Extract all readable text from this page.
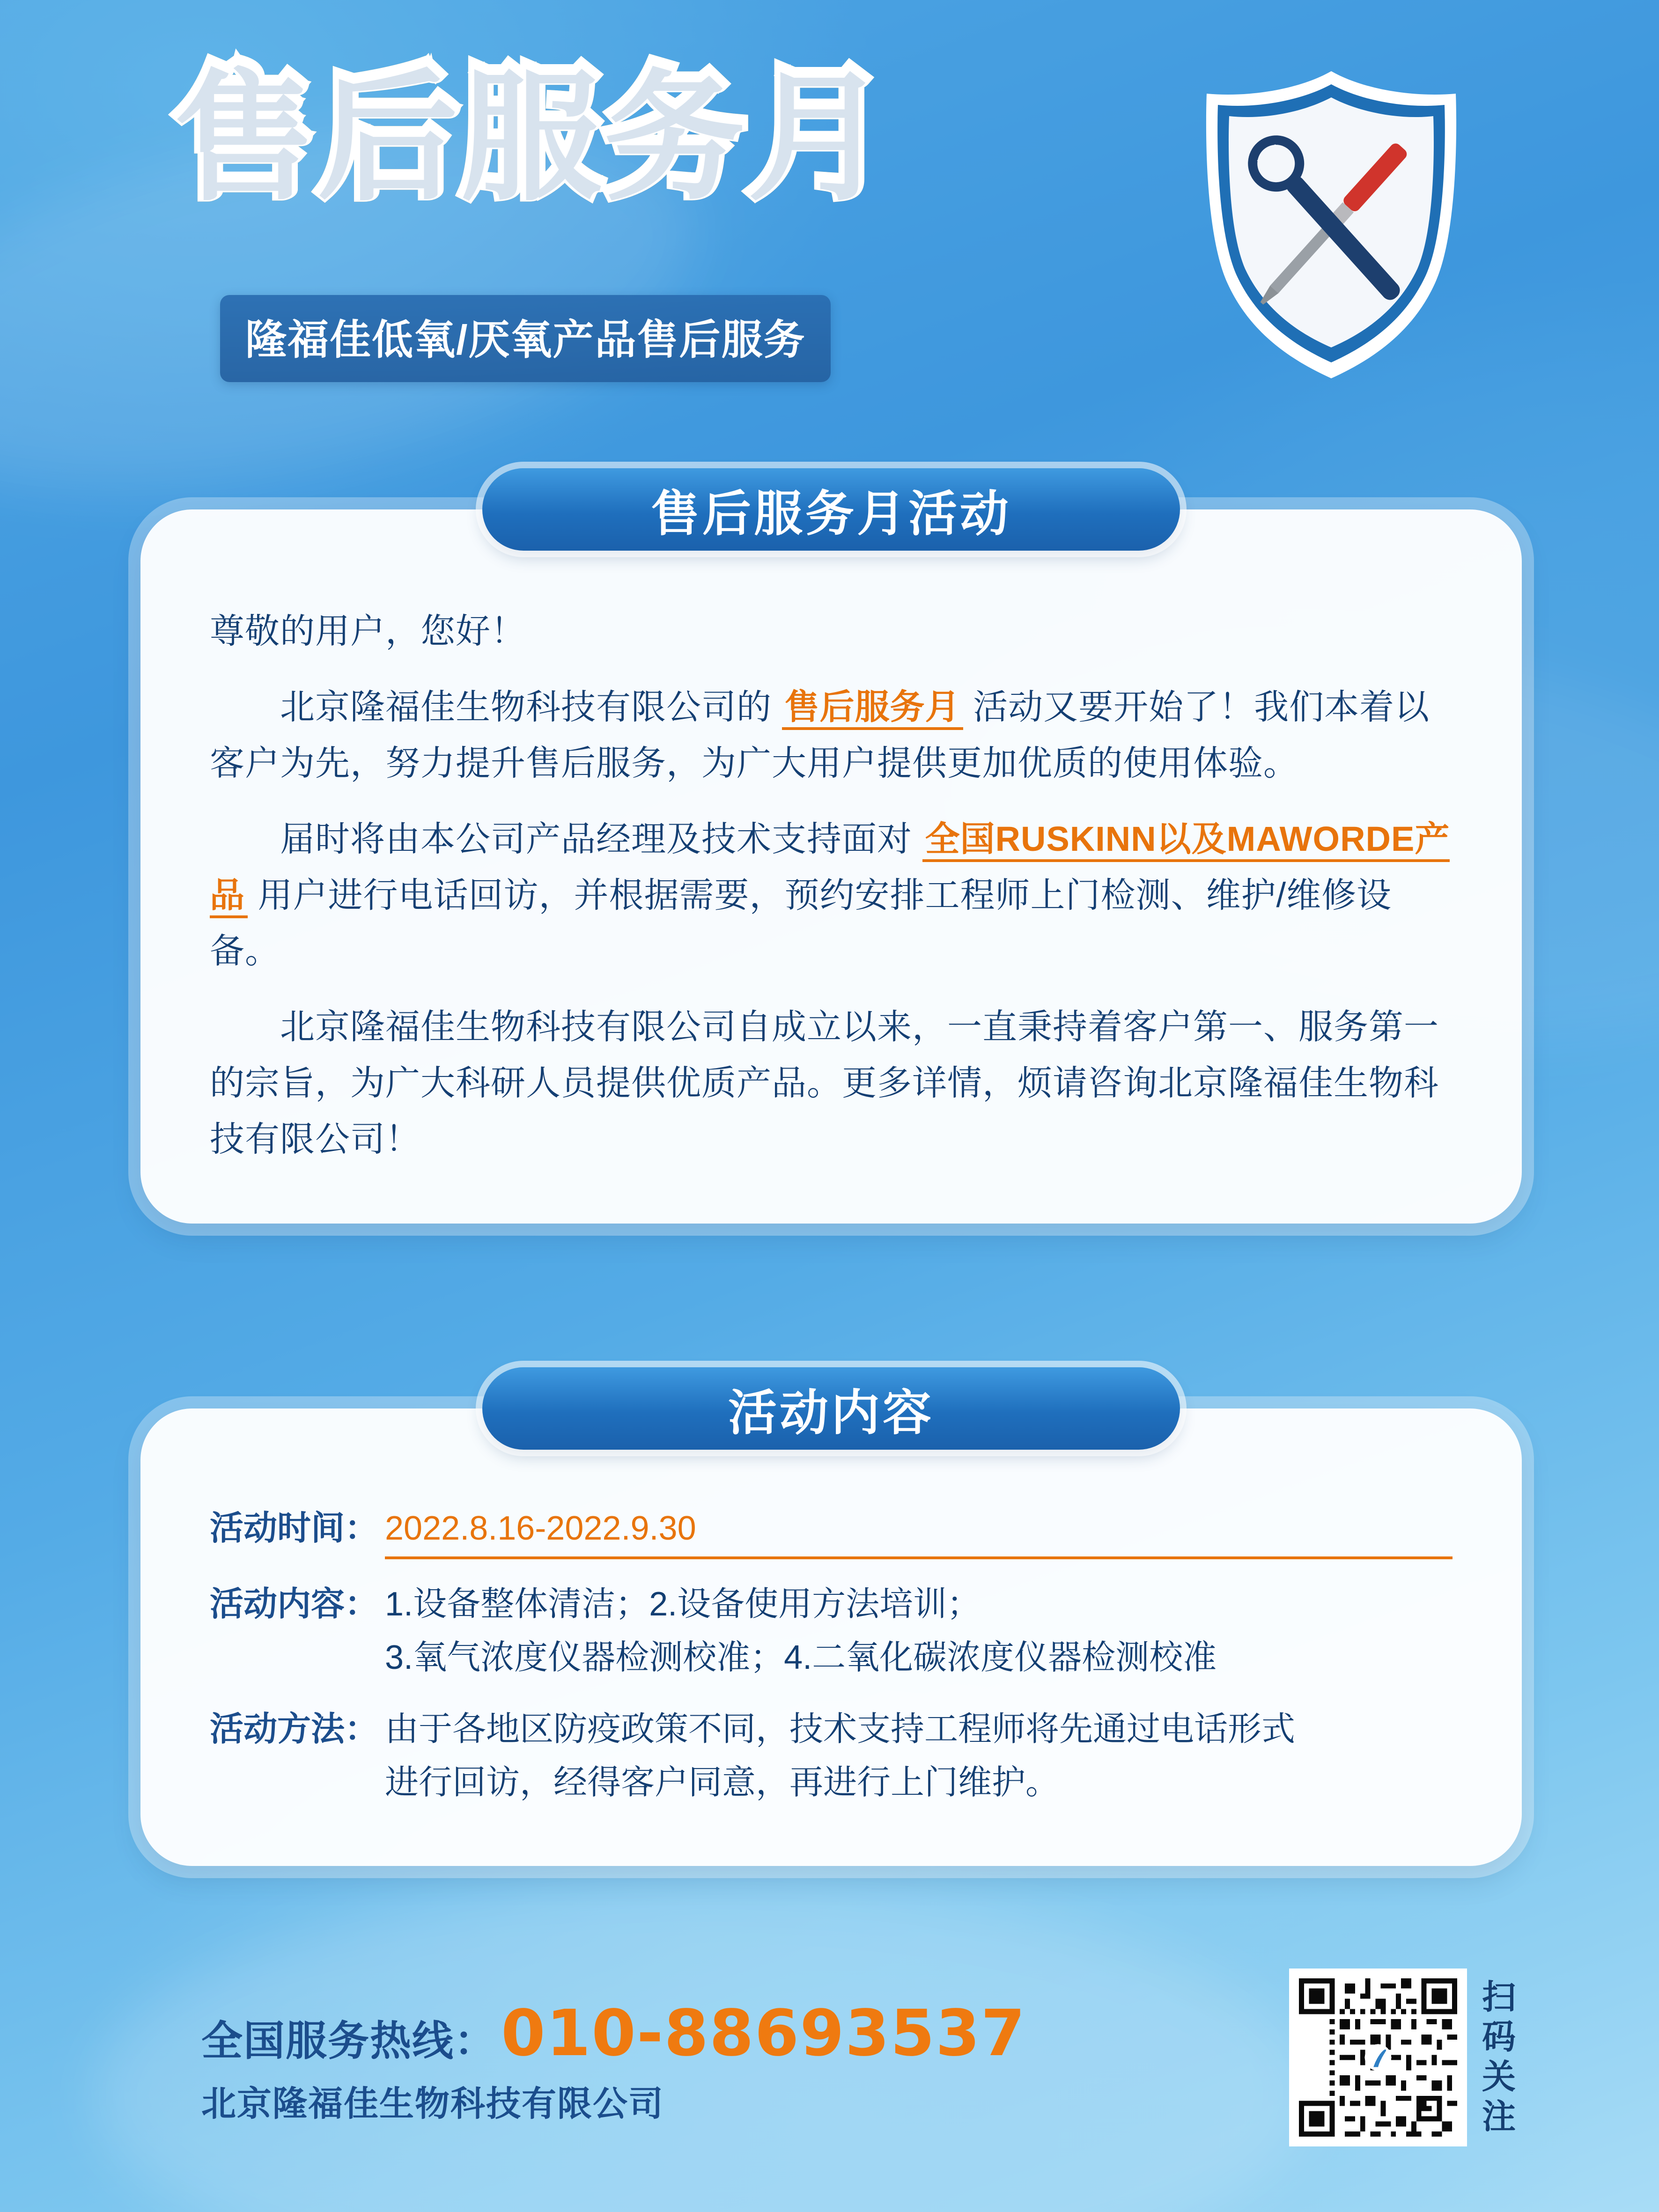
售后服务月
隆福佳低氧/厌氧产品售后服务
售后服务月活动

尊敬的用户，您好！

北京隆福佳生物科技有限公司的 售后服务月 活动又要开始了！我们本着以客户为先，努力提升售后服务，为广大用户提供更加优质的使用体验。

届时将由本公司产品经理及技术支持面对 全国RUSKINN以及MAWORDE产品 用户进行电话回访，并根据需要，预约安排工程师上门检测、维护/维修设备。

北京隆福佳生物科技有限公司自成立以来，一直秉持着客户第一、服务第一的宗旨，为广大科研人员提供优质产品。更多详情，烦请咨询北京隆福佳生物科技有限公司！

活动内容
活动时间： 2022.8.16-2022.9.30
活动内容： 1.设备整体清洁；2.设备使用方法培训；
3.氧气浓度仪器检测校准；4.二氧化碳浓度仪器检测校准
活动方法： 由于各地区防疫政策不同，技术支持工程师将先通过电话形式
进行回访，经得客户同意，再进行上门维护。
全国服务热线： 010-88693537
北京隆福佳生物科技有限公司
扫码关注
